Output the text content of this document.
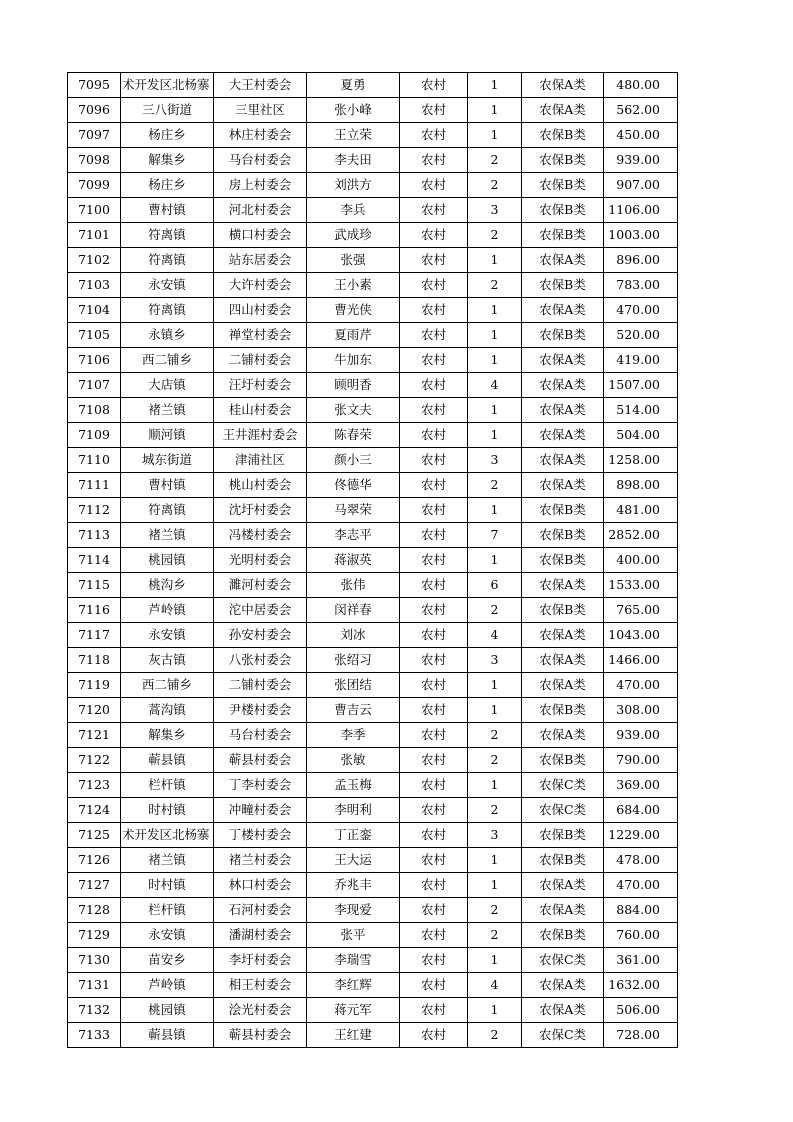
7095	术开发区北杨寨	大王村委会	夏勇	农村	1	农保A类	480.00
7096	三八街道	三里社区	张小峰	农村	1	农保A类	562.00
7097	杨庄乡	林庄村委会	王立荣	农村	1	农保B类	450.00
7098	解集乡	马台村委会	李夫田	农村	2	农保B类	939.00
7099	杨庄乡	房上村委会	刘洪方	农村	2	农保B类	907.00
7100	曹村镇	河北村委会	李兵	农村	3	农保B类	1106.00
7101	符离镇	横口村委会	武成珍	农村	2	农保B类	1003.00
7102	符离镇	站东居委会	张强	农村	1	农保A类	896.00
7103	永安镇	大许村委会	王小素	农村	2	农保B类	783.00
7104	符离镇	四山村委会	曹光侠	农村	1	农保A类	470.00
7105	永镇乡	禅堂村委会	夏雨芹	农村	1	农保B类	520.00
7106	西二铺乡	二铺村委会	牛加东	农村	1	农保A类	419.00
7107	大店镇	汪圩村委会	顾明香	农村	4	农保A类	1507.00
7108	褚兰镇	桂山村委会	张文夫	农村	1	农保A类	514.00
7109	顺河镇	王井涯村委会	陈春荣	农村	1	农保A类	504.00
7110	城东街道	津浦社区	颜小三	农村	3	农保A类	1258.00
7111	曹村镇	桃山村委会	佟德华	农村	2	农保A类	898.00
7112	符离镇	沈圩村委会	马翠荣	农村	1	农保B类	481.00
7113	褚兰镇	冯楼村委会	李志平	农村	7	农保B类	2852.00
7114	桃园镇	光明村委会	蒋淑英	农村	1	农保B类	400.00
7115	桃沟乡	濉河村委会	张伟	农村	6	农保A类	1533.00
7116	芦岭镇	沱中居委会	闵祥春	农村	2	农保B类	765.00
7117	永安镇	孙安村委会	刘冰	农村	4	农保A类	1043.00
7118	灰古镇	八张村委会	张绍习	农村	3	农保A类	1466.00
7119	西二铺乡	二铺村委会	张团结	农村	1	农保A类	470.00
7120	蒿沟镇	尹楼村委会	曹吉云	农村	1	农保B类	308.00
7121	解集乡	马台村委会	李季	农村	2	农保A类	939.00
7122	蕲县镇	蕲县村委会	张敏	农村	2	农保B类	790.00
7123	栏杆镇	丁李村委会	孟玉梅	农村	1	农保C类	369.00
7124	时村镇	冲疃村委会	李明利	农村	2	农保C类	684.00
7125	术开发区北杨寨	丁楼村委会	丁正銮	农村	3	农保B类	1229.00
7126	褚兰镇	褚兰村委会	王大运	农村	1	农保B类	478.00
7127	时村镇	林口村委会	乔兆丰	农村	1	农保A类	470.00
7128	栏杆镇	石河村委会	李现爱	农村	2	农保A类	884.00
7129	永安镇	潘湖村委会	张平	农村	2	农保B类	760.00
7130	苗安乡	李圩村委会	李瑞雪	农村	1	农保C类	361.00
7131	芦岭镇	相王村委会	李红辉	农村	4	农保A类	1632.00
7132	桃园镇	浍光村委会	蒋元军	农村	1	农保A类	506.00
7133	蕲县镇	蕲县村委会	王红建	农村	2	农保C类	728.00
